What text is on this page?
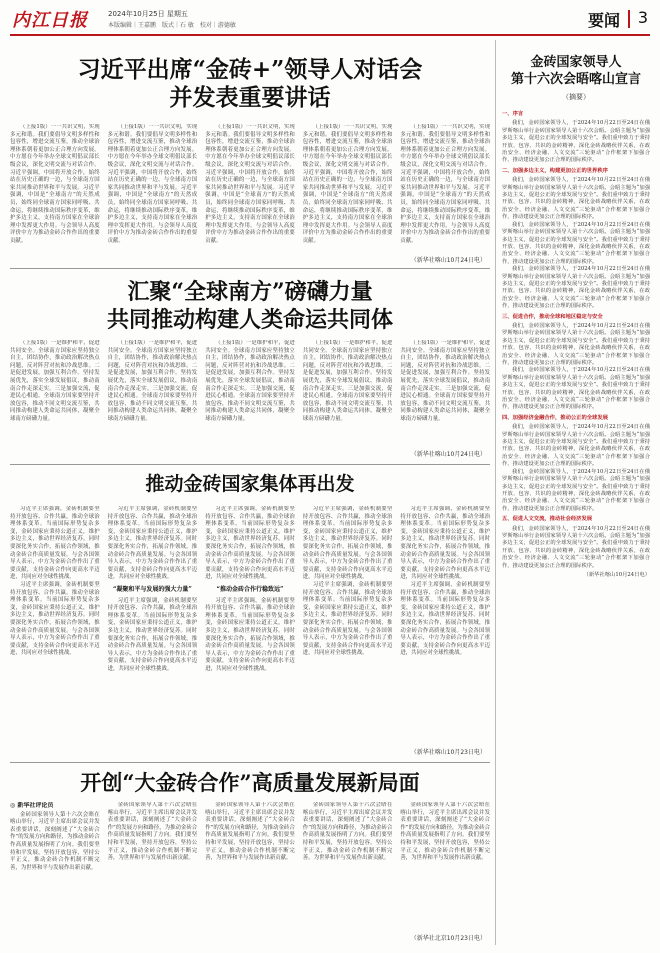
内江日报	2024年10月25日 星期五
本版编辑｜王嘉鹏　版式｜石 敏　校对｜游德敏	要闻 3
习近平出席“金砖+”领导人对话会
并发表重要讲话

（上接1版）一一共识文明，实现多元和谐。我们要倡导文明多样性和包容性，增进交流互鉴，推动全球治理体系朝着更加公正合理方向发展。中方愿在今年举办全球文明倡议部长级会议，深化文明交流与对话合作。习近平强调，中国将开放合作，始终站在历史正确的一边，与全球南方国家共同推动世界和平与发展。习近平强调，中国是“全球南方”的天然成员，始终同全球南方国家同呼吸、共命运，将继续推动国际秩序变革，维护多边主义，支持南方国家在全球治理中发挥更大作用。与会领导人高度评价中方为推动金砖合作作出的重要贡献。

（上接1版）一一共识文明，实现多元和谐。我们要倡导文明多样性和包容性，增进交流互鉴，推动全球治理体系朝着更加公正合理方向发展。中方愿在今年举办全球文明倡议部长级会议，深化文明交流与对话合作。习近平强调，中国将开放合作，始终站在历史正确的一边，与全球南方国家共同推动世界和平与发展。习近平强调，中国是“全球南方”的天然成员，始终同全球南方国家同呼吸、共命运，将继续推动国际秩序变革，维护多边主义，支持南方国家在全球治理中发挥更大作用。与会领导人高度评价中方为推动金砖合作作出的重要贡献。

（上接1版）一一共识文明，实现多元和谐。我们要倡导文明多样性和包容性，增进交流互鉴，推动全球治理体系朝着更加公正合理方向发展。中方愿在今年举办全球文明倡议部长级会议，深化文明交流与对话合作。习近平强调，中国将开放合作，始终站在历史正确的一边，与全球南方国家共同推动世界和平与发展。习近平强调，中国是“全球南方”的天然成员，始终同全球南方国家同呼吸、共命运，将继续推动国际秩序变革，维护多边主义，支持南方国家在全球治理中发挥更大作用。与会领导人高度评价中方为推动金砖合作作出的重要贡献。

（上接1版）一一共识文明，实现多元和谐。我们要倡导文明多样性和包容性，增进交流互鉴，推动全球治理体系朝着更加公正合理方向发展。中方愿在今年举办全球文明倡议部长级会议，深化文明交流与对话合作。习近平强调，中国将开放合作，始终站在历史正确的一边，与全球南方国家共同推动世界和平与发展。习近平强调，中国是“全球南方”的天然成员，始终同全球南方国家同呼吸、共命运，将继续推动国际秩序变革，维护多边主义，支持南方国家在全球治理中发挥更大作用。与会领导人高度评价中方为推动金砖合作作出的重要贡献。

（上接1版）一一共识文明，实现多元和谐。我们要倡导文明多样性和包容性，增进交流互鉴，推动全球治理体系朝着更加公正合理方向发展。中方愿在今年举办全球文明倡议部长级会议，深化文明交流与对话合作。习近平强调，中国将开放合作，始终站在历史正确的一边，与全球南方国家共同推动世界和平与发展。习近平强调，中国是“全球南方”的天然成员，始终同全球南方国家同呼吸、共命运，将继续推动国际秩序变革，维护多边主义，支持南方国家在全球治理中发挥更大作用。与会领导人高度评价中方为推动金砖合作作出的重要贡献。

（新华社喀山10月24日电）
汇聚“全球南方”磅礴力量
共同推动构建人类命运共同体

（上接1版）一是维护和平，促进共同安全。全球南方国家应坚持独立自主，团结协作，推动政治解决热点问题，反对阵营对抗和冷战思维。二是促进发展，加强互利合作。坚持发展优先，落实全球发展倡议，推动南南合作走深走实。三是加强交流，促进民心相通。全球南方国家要坚持开放包容，推动不同文明交流互鉴，共同推动构建人类命运共同体，凝聚全球南方磅礴力量。

（上接1版）一是维护和平，促进共同安全。全球南方国家应坚持独立自主，团结协作，推动政治解决热点问题，反对阵营对抗和冷战思维。二是促进发展，加强互利合作。坚持发展优先，落实全球发展倡议，推动南南合作走深走实。三是加强交流，促进民心相通。全球南方国家要坚持开放包容，推动不同文明交流互鉴，共同推动构建人类命运共同体，凝聚全球南方磅礴力量。

（上接1版）一是维护和平，促进共同安全。全球南方国家应坚持独立自主，团结协作，推动政治解决热点问题，反对阵营对抗和冷战思维。二是促进发展，加强互利合作。坚持发展优先，落实全球发展倡议，推动南南合作走深走实。三是加强交流，促进民心相通。全球南方国家要坚持开放包容，推动不同文明交流互鉴，共同推动构建人类命运共同体，凝聚全球南方磅礴力量。

（上接1版）一是维护和平，促进共同安全。全球南方国家应坚持独立自主，团结协作，推动政治解决热点问题，反对阵营对抗和冷战思维。二是促进发展，加强互利合作。坚持发展优先，落实全球发展倡议，推动南南合作走深走实。三是加强交流，促进民心相通。全球南方国家要坚持开放包容，推动不同文明交流互鉴，共同推动构建人类命运共同体，凝聚全球南方磅礴力量。

（上接1版）一是维护和平，促进共同安全。全球南方国家应坚持独立自主，团结协作，推动政治解决热点问题，反对阵营对抗和冷战思维。二是促进发展，加强互利合作。坚持发展优先，落实全球发展倡议，推动南南合作走深走实。三是加强交流，促进民心相通。全球南方国家要坚持开放包容，推动不同文明交流互鉴，共同推动构建人类命运共同体，凝聚全球南方磅礴力量。

（新华社喀山10月24日电）
推动金砖国家集体再出发

习近平主席强调，金砖机制要坚持开放包容、合作共赢，推动全球治理体系变革。当前国际形势复杂多变，金砖国家应秉持公道正义，维护多边主义，推动世界经济复苏。同时要深化务实合作，拓展合作领域，推动金砖合作高质量发展。与会各国领导人表示，中方为金砖合作作出了重要贡献，支持金砖合作向更高水平迈进，共同应对全球性挑战。

习近平主席强调，金砖机制要坚持开放包容、合作共赢，推动全球治理体系变革。当前国际形势复杂多变，金砖国家应秉持公道正义，维护多边主义，推动世界经济复苏。同时要深化务实合作，拓展合作领域，推动金砖合作高质量发展。与会各国领导人表示，中方为金砖合作作出了重要贡献，支持金砖合作向更高水平迈进，共同应对全球性挑战。

习近平主席强调，金砖机制要坚持开放包容、合作共赢，推动全球治理体系变革。当前国际形势复杂多变，金砖国家应秉持公道正义，维护多边主义，推动世界经济复苏。同时要深化务实合作，拓展合作领域，推动金砖合作高质量发展。与会各国领导人表示，中方为金砖合作作出了重要贡献，支持金砖合作向更高水平迈进，共同应对全球性挑战。

“凝聚和平与发展的强大力量”

习近平主席强调，金砖机制要坚持开放包容、合作共赢，推动全球治理体系变革。当前国际形势复杂多变，金砖国家应秉持公道正义，维护多边主义，推动世界经济复苏。同时要深化务实合作，拓展合作领域，推动金砖合作高质量发展。与会各国领导人表示，中方为金砖合作作出了重要贡献，支持金砖合作向更高水平迈进，共同应对全球性挑战。

习近平主席强调，金砖机制要坚持开放包容、合作共赢，推动全球治理体系变革。当前国际形势复杂多变，金砖国家应秉持公道正义，维护多边主义，推动世界经济复苏。同时要深化务实合作，拓展合作领域，推动金砖合作高质量发展。与会各国领导人表示，中方为金砖合作作出了重要贡献，支持金砖合作向更高水平迈进，共同应对全球性挑战。

“推动金砖合作行稳致远”

习近平主席强调，金砖机制要坚持开放包容、合作共赢，推动全球治理体系变革。当前国际形势复杂多变，金砖国家应秉持公道正义，维护多边主义，推动世界经济复苏。同时要深化务实合作，拓展合作领域，推动金砖合作高质量发展。与会各国领导人表示，中方为金砖合作作出了重要贡献，支持金砖合作向更高水平迈进，共同应对全球性挑战。

习近平主席强调，金砖机制要坚持开放包容、合作共赢，推动全球治理体系变革。当前国际形势复杂多变，金砖国家应秉持公道正义，维护多边主义，推动世界经济复苏。同时要深化务实合作，拓展合作领域，推动金砖合作高质量发展。与会各国领导人表示，中方为金砖合作作出了重要贡献，支持金砖合作向更高水平迈进，共同应对全球性挑战。

习近平主席强调，金砖机制要坚持开放包容、合作共赢，推动全球治理体系变革。当前国际形势复杂多变，金砖国家应秉持公道正义，维护多边主义，推动世界经济复苏。同时要深化务实合作，拓展合作领域，推动金砖合作高质量发展。与会各国领导人表示，中方为金砖合作作出了重要贡献，支持金砖合作向更高水平迈进，共同应对全球性挑战。

习近平主席强调，金砖机制要坚持开放包容、合作共赢，推动全球治理体系变革。当前国际形势复杂多变，金砖国家应秉持公道正义，维护多边主义，推动世界经济复苏。同时要深化务实合作，拓展合作领域，推动金砖合作高质量发展。与会各国领导人表示，中方为金砖合作作出了重要贡献，支持金砖合作向更高水平迈进，共同应对全球性挑战。

习近平主席强调，金砖机制要坚持开放包容、合作共赢，推动全球治理体系变革。当前国际形势复杂多变，金砖国家应秉持公道正义，维护多边主义，推动世界经济复苏。同时要深化务实合作，拓展合作领域，推动金砖合作高质量发展。与会各国领导人表示，中方为金砖合作作出了重要贡献，支持金砖合作向更高水平迈进，共同应对全球性挑战。

（新华社喀山10月23日电）
开创“大金砖合作”高质量发展新局面
◎ 新华社评论员

金砖国家领导人第十六次会晤在喀山举行，习近平主席出席会议并发表重要讲话，深刻阐述了“大金砖合作”的发展方向和路径，为推动金砖合作高质量发展指明了方向。我们要坚持和平发展，坚持开放包容，坚持公平正义，推动金砖合作机制不断完善，为世界和平与发展作出新贡献。

金砖国家领导人第十六次会晤在喀山举行，习近平主席出席会议并发表重要讲话，深刻阐述了“大金砖合作”的发展方向和路径，为推动金砖合作高质量发展指明了方向。我们要坚持和平发展，坚持开放包容，坚持公平正义，推动金砖合作机制不断完善，为世界和平与发展作出新贡献。

金砖国家领导人第十六次会晤在喀山举行，习近平主席出席会议并发表重要讲话，深刻阐述了“大金砖合作”的发展方向和路径，为推动金砖合作高质量发展指明了方向。我们要坚持和平发展，坚持开放包容，坚持公平正义，推动金砖合作机制不断完善，为世界和平与发展作出新贡献。

金砖国家领导人第十六次会晤在喀山举行，习近平主席出席会议并发表重要讲话，深刻阐述了“大金砖合作”的发展方向和路径，为推动金砖合作高质量发展指明了方向。我们要坚持和平发展，坚持开放包容，坚持公平正义，推动金砖合作机制不断完善，为世界和平与发展作出新贡献。

金砖国家领导人第十六次会晤在喀山举行，习近平主席出席会议并发表重要讲话，深刻阐述了“大金砖合作”的发展方向和路径，为推动金砖合作高质量发展指明了方向。我们要坚持和平发展，坚持开放包容，坚持公平正义，推动金砖合作机制不断完善，为世界和平与发展作出新贡献。

（新华社北京10月23日电）
金砖国家领导人
第十六次会晤喀山宣言
（摘要）
一、序言

我们，金砖国家领导人，于2024年10月22日至24日在俄罗斯喀山举行金砖国家领导人第十六次会晤。会晤主题为“加强多边主义，促进公正的全球发展与安全”。我们重申致力于秉持开放、包容、共识的金砖精神，深化金砖战略伙伴关系，在政治安全、经济金融、人文交流“三轮驱动”合作框架下加强合作，推动建设更加公正合理的国际秩序。

二、加强多边主义，构建更加公正的世界秩序

我们，金砖国家领导人，于2024年10月22日至24日在俄罗斯喀山举行金砖国家领导人第十六次会晤。会晤主题为“加强多边主义，促进公正的全球发展与安全”。我们重申致力于秉持开放、包容、共识的金砖精神，深化金砖战略伙伴关系，在政治安全、经济金融、人文交流“三轮驱动”合作框架下加强合作，推动建设更加公正合理的国际秩序。

我们，金砖国家领导人，于2024年10月22日至24日在俄罗斯喀山举行金砖国家领导人第十六次会晤。会晤主题为“加强多边主义，促进公正的全球发展与安全”。我们重申致力于秉持开放、包容、共识的金砖精神，深化金砖战略伙伴关系，在政治安全、经济金融、人文交流“三轮驱动”合作框架下加强合作，推动建设更加公正合理的国际秩序。

我们，金砖国家领导人，于2024年10月22日至24日在俄罗斯喀山举行金砖国家领导人第十六次会晤。会晤主题为“加强多边主义，促进公正的全球发展与安全”。我们重申致力于秉持开放、包容、共识的金砖精神，深化金砖战略伙伴关系，在政治安全、经济金融、人文交流“三轮驱动”合作框架下加强合作，推动建设更加公正合理的国际秩序。

三、促进合作，推动全球和地区稳定与安全

我们，金砖国家领导人，于2024年10月22日至24日在俄罗斯喀山举行金砖国家领导人第十六次会晤。会晤主题为“加强多边主义，促进公正的全球发展与安全”。我们重申致力于秉持开放、包容、共识的金砖精神，深化金砖战略伙伴关系，在政治安全、经济金融、人文交流“三轮驱动”合作框架下加强合作，推动建设更加公正合理的国际秩序。

我们，金砖国家领导人，于2024年10月22日至24日在俄罗斯喀山举行金砖国家领导人第十六次会晤。会晤主题为“加强多边主义，促进公正的全球发展与安全”。我们重申致力于秉持开放、包容、共识的金砖精神，深化金砖战略伙伴关系，在政治安全、经济金融、人文交流“三轮驱动”合作框架下加强合作，推动建设更加公正合理的国际秩序。

四、加强经济金融合作，推动公正的全球发展

我们，金砖国家领导人，于2024年10月22日至24日在俄罗斯喀山举行金砖国家领导人第十六次会晤。会晤主题为“加强多边主义，促进公正的全球发展与安全”。我们重申致力于秉持开放、包容、共识的金砖精神，深化金砖战略伙伴关系，在政治安全、经济金融、人文交流“三轮驱动”合作框架下加强合作，推动建设更加公正合理的国际秩序。

我们，金砖国家领导人，于2024年10月22日至24日在俄罗斯喀山举行金砖国家领导人第十六次会晤。会晤主题为“加强多边主义，促进公正的全球发展与安全”。我们重申致力于秉持开放、包容、共识的金砖精神，深化金砖战略伙伴关系，在政治安全、经济金融、人文交流“三轮驱动”合作框架下加强合作，推动建设更加公正合理的国际秩序。

五、促进人文交流，推动社会经济发展

我们，金砖国家领导人，于2024年10月22日至24日在俄罗斯喀山举行金砖国家领导人第十六次会晤。会晤主题为“加强多边主义，促进公正的全球发展与安全”。我们重申致力于秉持开放、包容、共识的金砖精神，深化金砖战略伙伴关系，在政治安全、经济金融、人文交流“三轮驱动”合作框架下加强合作，推动建设更加公正合理的国际秩序。

（新华社喀山10月24日电）
